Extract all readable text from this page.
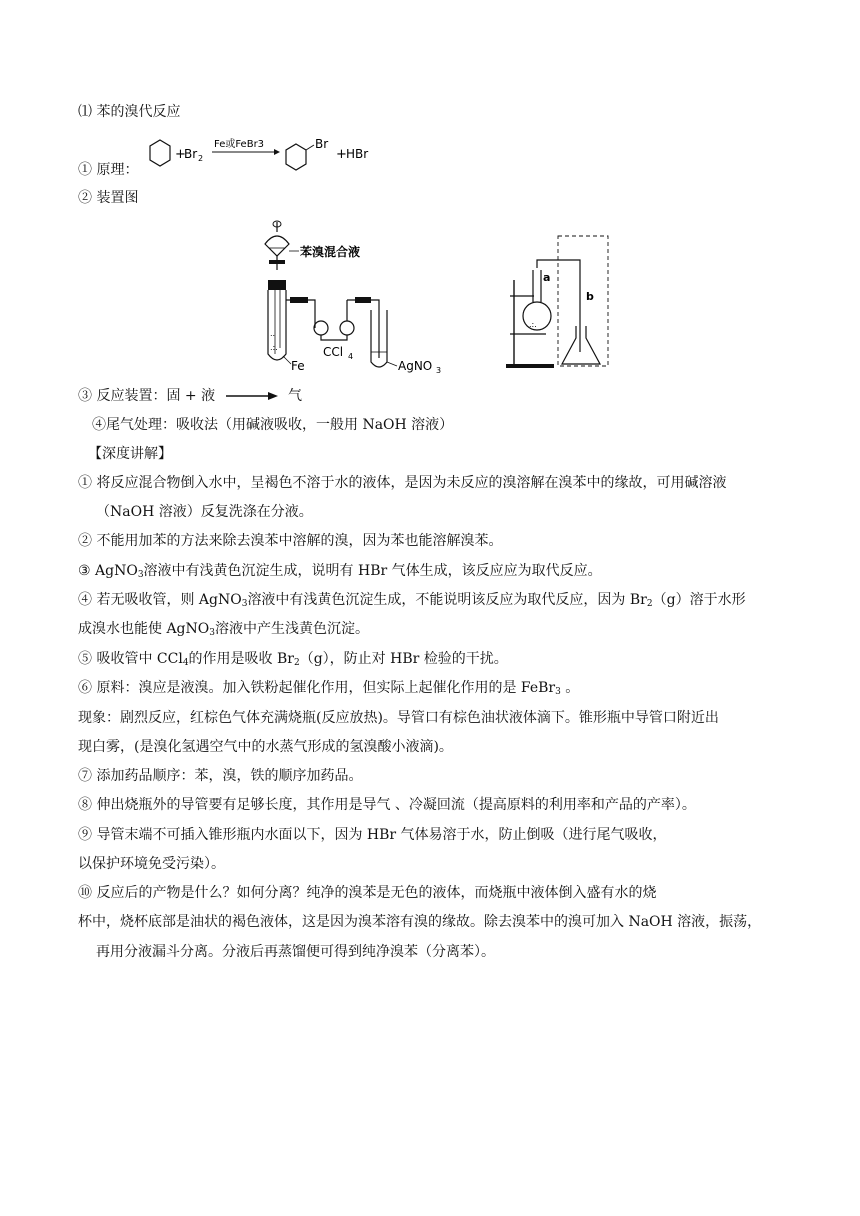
⑴ 苯的溴代反应
① 原理：
+
Br 2
Fe或FeBr3	Br
+ HBr
② 装置图
苯溴混合液
..
.:.
Fe
CCl 4
AgNO 3
.:.
a
b
③ 反应装置：固 + 液	气
④尾气处理：吸收法（用碱液吸收，一般用 NaOH 溶液）
【深度讲解】
① 将反应混合物倒入水中，呈褐色不溶于水的液体，是因为未反应的溴溶解在溴苯中的缘故，可用碱溶液
（NaOH 溶液）反复洗涤在分液。
② 不能用加苯的方法来除去溴苯中溶解的溴，因为苯也能溶解溴苯。
③ AgNO$_3$溶液中有浅黄色沉淀生成，说明有 HBr 气体生成，该反应应为取代反应。
④ 若无吸收管，则 AgNO$_3$溶液中有浅黄色沉淀生成，不能说明该反应为取代反应，因为 $Br_2(g)$溶于水形
成溴水也能使 AgNO$_3$溶液中产生浅黄色沉淀。
⑤ 吸收管中 CCl$_4$的作用是吸收 $Br_2(g)$，防止对 HBr 检验的干扰。
⑥ 原料：溴应是液溴。加入铁粉起催化作用，但实际上起催化作用的是 FeBr$_3$ 。
现象：剧烈反应，红棕色气体充满烧瓶(反应放热)。导管口有棕色油状液体滴下。锥形瓶中导管口附近出
现白雾，(是溴化氢遇空气中的水蒸气形成的氢溴酸小液滴)。
⑦ 添加药品顺序：苯，溴，铁的顺序加药品。
⑧ 伸出烧瓶外的导管要有足够长度，其作用是导气 、冷凝回流（提高原料的利用率和产品的产率）。
⑨ 导管末端不可插入锥形瓶内水面以下，因为 HBr 气体易溶于水，防止倒吸（进行尾气吸收，
以保护环境免受污染）。
⑩ 反应后的产物是什么？如何分离？纯净的溴苯是无色的液体，而烧瓶中液体倒入盛有水的烧
杯中，烧杯底部是油状的褐色液体，这是因为溴苯溶有溴的缘故。除去溴苯中的溴可加入 NaOH 溶液，振荡，
再用分液漏斗分离。分液后再蒸馏便可得到纯净溴苯（分离苯）。
